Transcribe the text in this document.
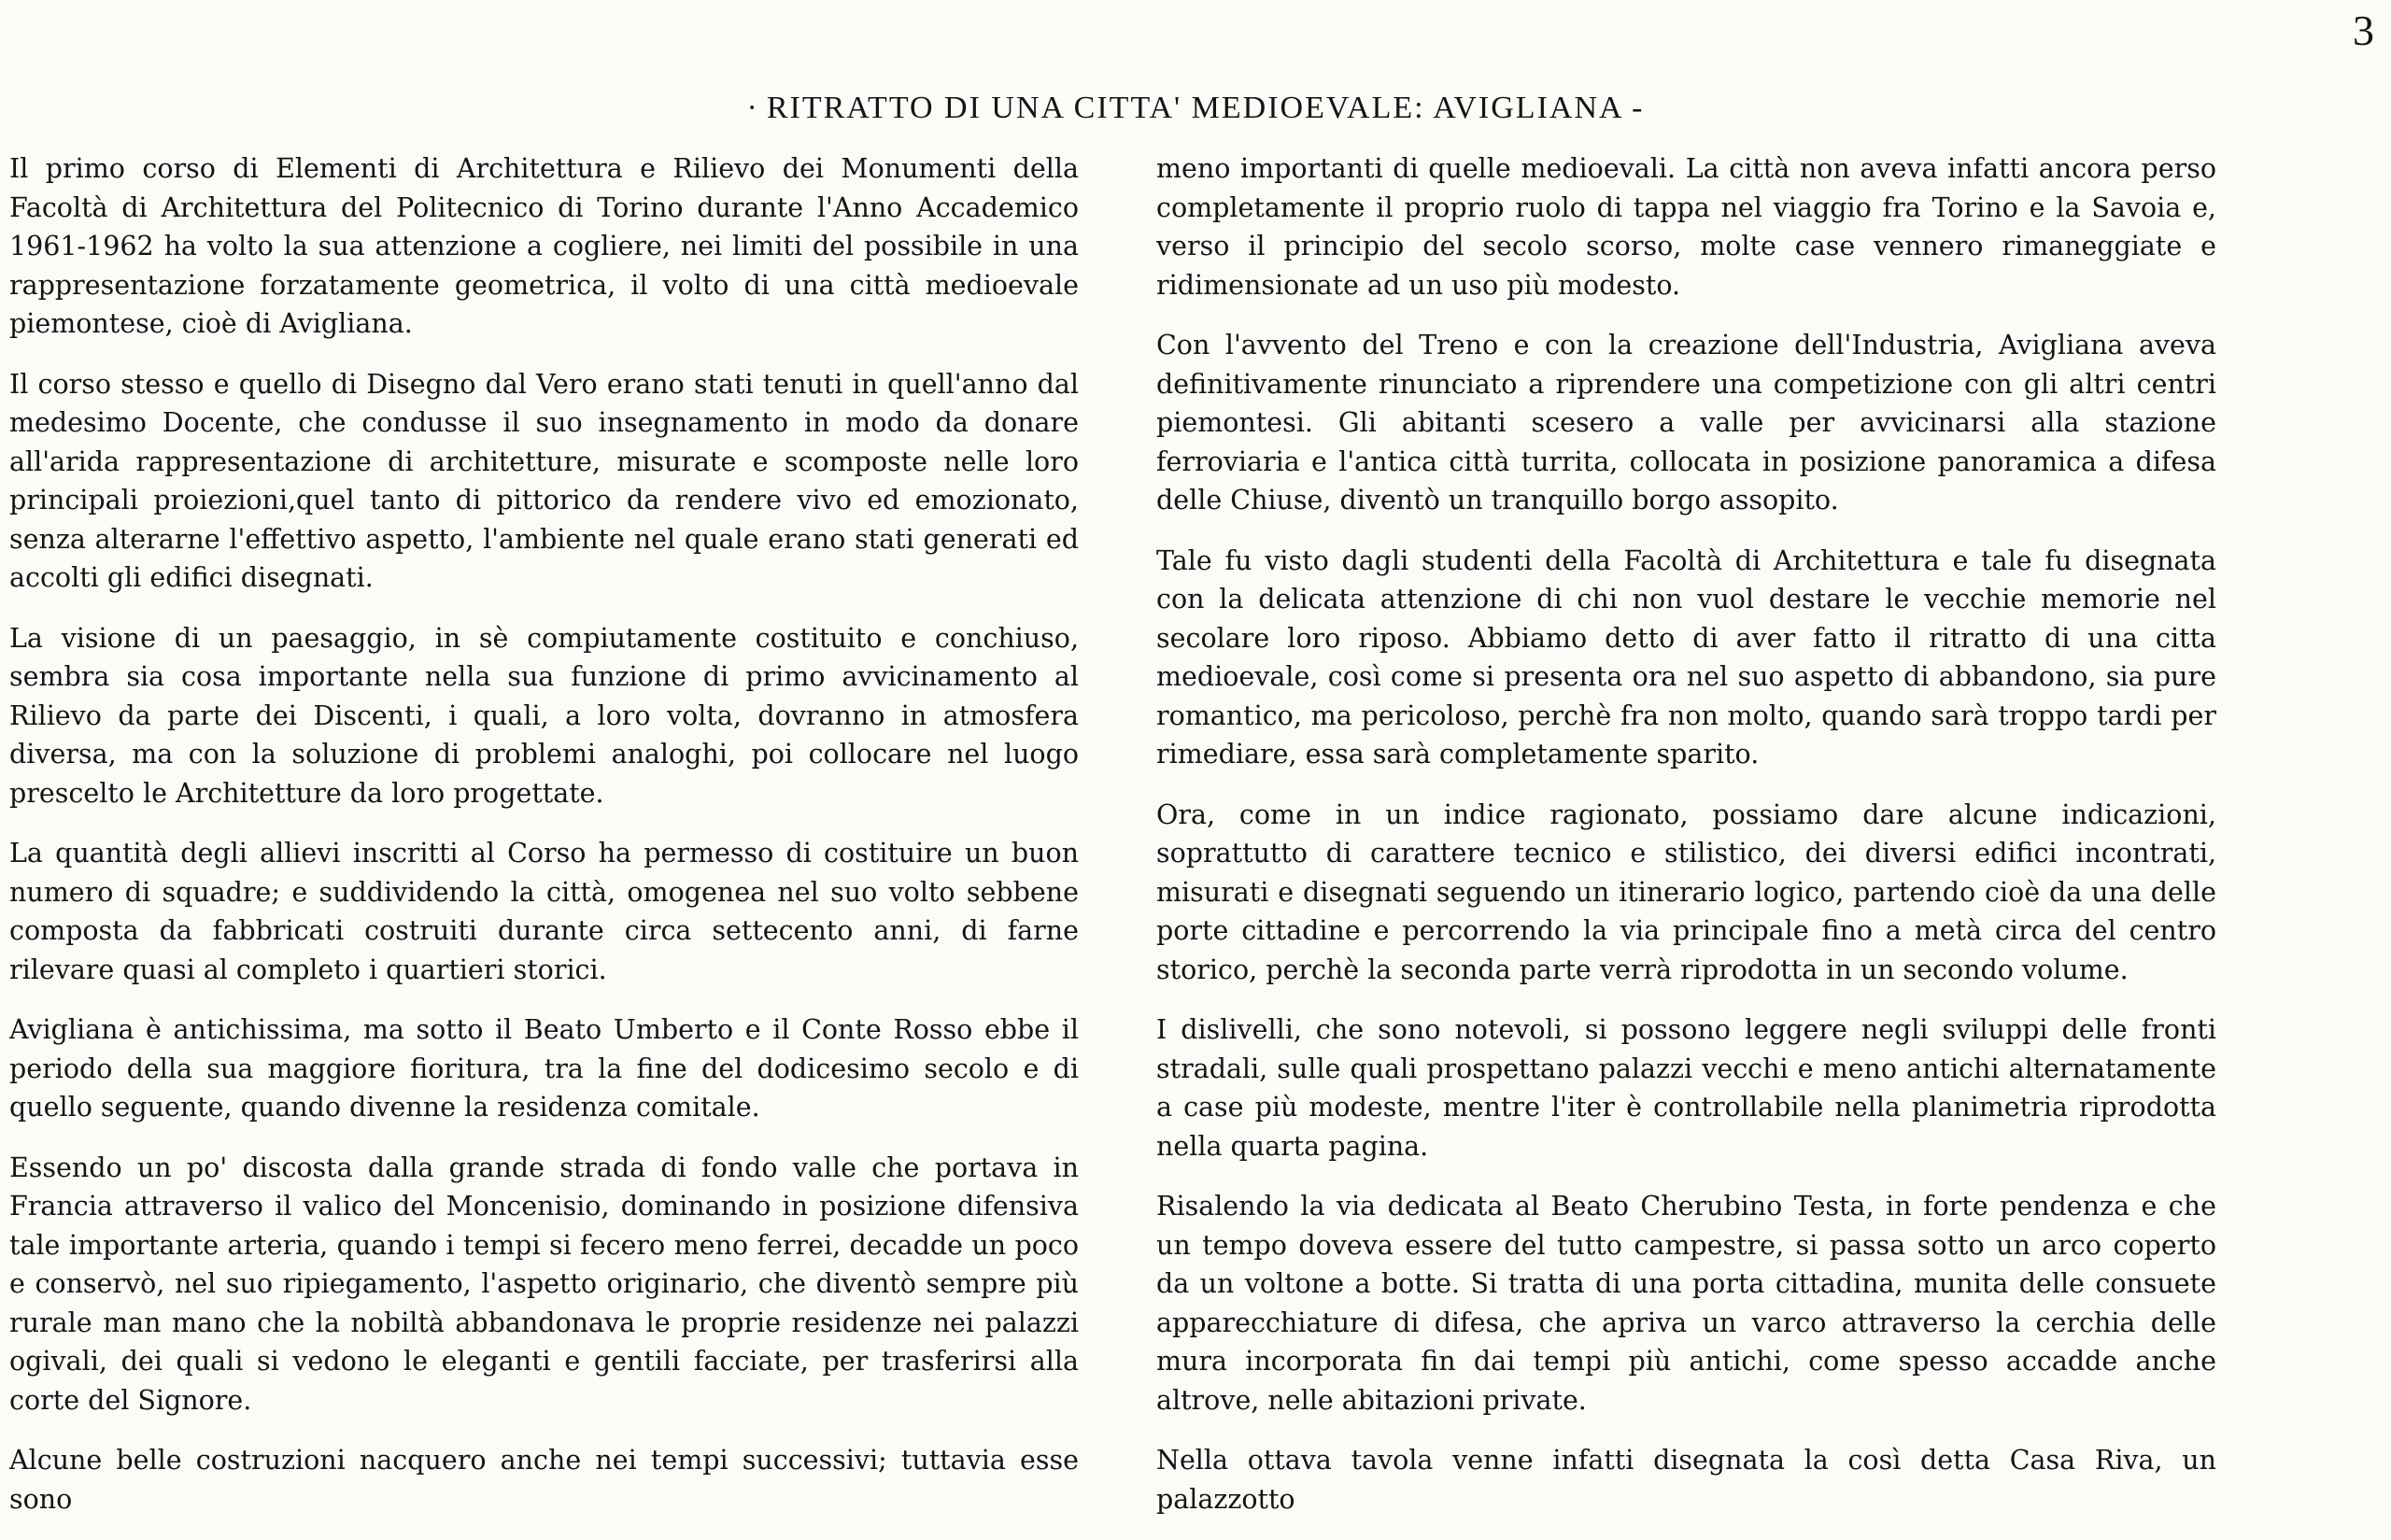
3
· RITRATTO DI UNA CITTA' MEDIOEVALE: AVIGLIANA -

Il primo corso di Elementi di Architettura e Rilievo dei Monumenti della Facoltà di Architettura del Politecnico di Torino durante l'Anno Accademico 1961-1962 ha volto la sua attenzione a cogliere, nei limiti del possibile in una rappresentazione forzatamente geometrica, il volto di una città medioevale piemontese, cioè di Avigliana.

Il corso stesso e quello di Disegno dal Vero erano stati tenuti in quell'anno dal medesimo Docente, che condusse il suo insegnamento in modo da donare all'arida rappresentazione di architetture, misurate e scomposte nelle loro principali proiezioni,quel tanto di pittorico da rendere vivo ed emozionato, senza alterarne l'effettivo aspetto, l'ambiente nel quale erano stati generati ed accolti gli edifici disegnati.

La visione di un paesaggio, in sè compiutamente costituito e conchiuso, sembra sia cosa importante nella sua funzione di primo avvicinamento al Rilievo da parte dei Discenti, i quali, a loro volta, dovranno in atmosfera diversa, ma con la soluzione di problemi analoghi, poi collocare nel luogo prescelto le Architetture da loro progettate.

La quantità degli allievi inscritti al Corso ha permesso di costituire un buon numero di squadre; e suddividendo la città, omogenea nel suo volto sebbene composta da fabbricati costruiti durante circa settecento anni, di farne rilevare quasi al completo i quartieri storici.

Avigliana è antichissima, ma sotto il Beato Umberto e il Conte Rosso ebbe il periodo della sua maggiore fioritura, tra la fine del dodicesimo secolo e di quello seguente, quando divenne la residenza comitale.

Essendo un po' discosta dalla grande strada di fondo valle che portava in Francia attraverso il valico del Moncenisio, dominando in posizione difensiva tale importante arteria, quando i tempi si fecero meno ferrei, decadde un poco e conservò, nel suo ripiegamento, l'aspetto originario, che diventò sempre più rurale man mano che la nobiltà abbandonava le proprie residenze nei palazzi ogivali, dei quali si vedono le eleganti e gentili facciate, per trasferirsi alla corte del Signore.

Alcune belle costruzioni nacquero anche nei tempi successivi; tuttavia esse sono

meno importanti di quelle medioevali. La città non aveva infatti ancora perso completamente il proprio ruolo di tappa nel viaggio fra Torino e la Savoia e, verso il principio del secolo scorso, molte case vennero rimaneggiate e ridimensionate ad un uso più modesto.

Con l'avvento del Treno e con la creazione dell'Industria, Avigliana aveva definitivamente rinunciato a riprendere una competizione con gli altri centri piemontesi. Gli abitanti scesero a valle per avvicinarsi alla stazione ferroviaria e l'antica città turrita, collocata in posizione panoramica a difesa delle Chiuse, diventò un tranquillo borgo assopito.

Tale fu visto dagli studenti della Facoltà di Architettura e tale fu disegnata con la delicata attenzione di chi non vuol destare le vecchie memorie nel secolare loro riposo. Abbiamo detto di aver fatto il ritratto di una citta medioevale, così come si presenta ora nel suo aspetto di abbandono, sia pure romantico, ma pericoloso, perchè fra non molto, quando sarà troppo tardi per rimediare, essa sarà completamente sparito.

Ora, come in un indice ragionato, possiamo dare alcune indicazioni, soprattutto di carattere tecnico e stilistico, dei diversi edifici incontrati, misurati e disegnati seguendo un itinerario logico, partendo cioè da una delle porte cittadine e percorrendo la via principale fino a metà circa del centro storico, perchè la seconda parte verrà riprodotta in un secondo volume.

I dislivelli, che sono notevoli, si possono leggere negli sviluppi delle fronti stradali, sulle quali prospettano palazzi vecchi e meno antichi alternatamente a case più modeste, mentre l'iter è controllabile nella planimetria riprodotta nella quarta pagina.

Risalendo la via dedicata al Beato Cherubino Testa, in forte pendenza e che un tempo doveva essere del tutto campestre, si passa sotto un arco coperto da un voltone a botte. Si tratta di una porta cittadina, munita delle consuete apparecchiature di difesa, che apriva un varco attraverso la cerchia delle mura incorporata fin dai tempi più antichi, come spesso accadde anche altrove, nelle abitazioni private.

Nella ottava tavola venne infatti disegnata la così detta Casa Riva, un palazzotto
